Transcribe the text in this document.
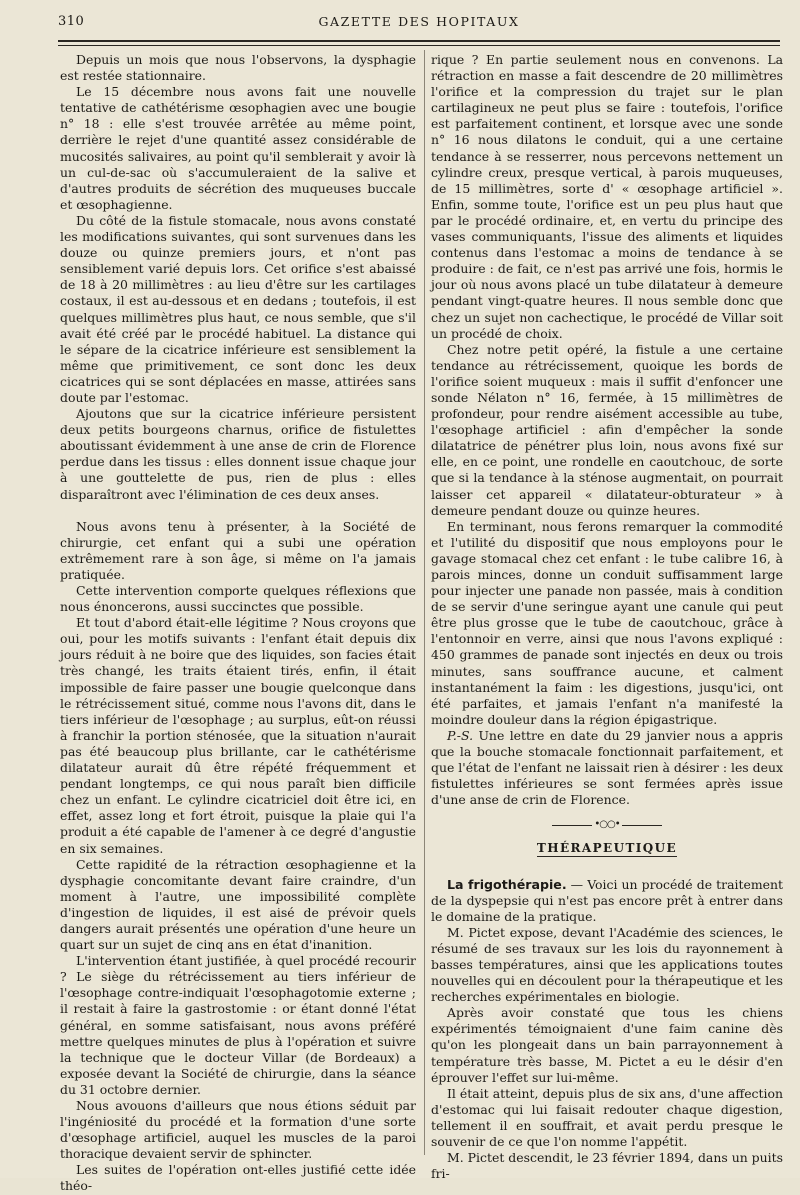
310	GAZETTE DES HOPITAUX

Depuis un mois que nous l'observons, la dysphagie est restée stationnaire.

Le 15 décembre nous avons fait une nouvelle tentative de cathétérisme œsophagien avec une bougie n° 18 : elle s'est trouvée arrêtée au même point, derrière le rejet d'une quantité assez considérable de mucosités salivaires, au point qu'il semblerait y avoir là un cul-de-sac où s'accumuleraient de la salive et d'autres produits de sécrétion des muqueuses buccale et œsophagienne.

Du côté de la fistule stomacale, nous avons constaté les modifications suivantes, qui sont survenues dans les douze ou quinze premiers jours, et n'ont pas sensiblement varié depuis lors. Cet orifice s'est abaissé de 18 à 20 millimètres : au lieu d'être sur les cartilages costaux, il est au-dessous et en dedans ; toutefois, il est quelques millimètres plus haut, ce nous semble, que s'il avait été créé par le procédé habituel. La distance qui le sépare de la cicatrice inférieure est sensiblement la même que primitivement, ce sont donc les deux cicatrices qui se sont déplacées en masse, attirées sans doute par l'estomac.

Ajoutons que sur la cicatrice inférieure persistent deux petits bourgeons charnus, orifice de fistulettes aboutissant évidemment à une anse de crin de Florence perdue dans les tissus : elles donnent issue chaque jour à une gouttelette de pus, rien de plus : elles disparaîtront avec l'élimination de ces deux anses.

Nous avons tenu à présenter, à la Société de chirurgie, cet enfant qui a subi une opération extrêmement rare à son âge, si même on l'a jamais pratiquée.

Cette intervention comporte quelques réflexions que nous énoncerons, aussi succinctes que possible.

Et tout d'abord était-elle légitime ? Nous croyons que oui, pour les motifs suivants : l'enfant était depuis dix jours réduit à ne boire que des liquides, son facies était très changé, les traits étaient tirés, enfin, il était impossible de faire passer une bougie quelconque dans le rétrécissement situé, comme nous l'avons dit, dans le tiers inférieur de l'œsophage ; au surplus, eût-on réussi à franchir la portion sténosée, que la situation n'aurait pas été beaucoup plus brillante, car le cathétérisme dilatateur aurait dû être répété fréquemment et pendant longtemps, ce qui nous paraît bien difficile chez un enfant. Le cylindre cicatriciel doit être ici, en effet, assez long et fort étroit, puisque la plaie qui l'a produit a été capable de l'amener à ce degré d'angustie en six semaines.

Cette rapidité de la rétraction œsophagienne et la dysphagie concomitante devant faire craindre, d'un moment à l'autre, une impossibilité complète d'ingestion de liquides, il est aisé de prévoir quels dangers aurait présentés une opération d'une heure un quart sur un sujet de cinq ans en état d'inanition.

L'intervention étant justifiée, à quel procédé recourir ? Le siège du rétrécissement au tiers inférieur de l'œsophage contre-indiquait l'œsophagotomie externe ; il restait à faire la gastrostomie : or étant donné l'état général, en somme satisfaisant, nous avons préféré mettre quelques minutes de plus à l'opération et suivre la technique que le docteur Villar (de Bordeaux) a exposée devant la Société de chirurgie, dans la séance du 31 octobre dernier.

Nous avouons d'ailleurs que nous étions séduit par l'ingéniosité du procédé et la formation d'une sorte d'œsophage artificiel, auquel les muscles de la paroi thoracique devaient servir de sphincter.

Les suites de l'opération ont-elles justifié cette idée théo-

rique ? En partie seulement nous en convenons. La rétraction en masse a fait descendre de 20 millimètres l'orifice et la compression du trajet sur le plan cartilagineux ne peut plus se faire : toutefois, l'orifice est parfaitement continent, et lorsque avec une sonde n° 16 nous dilatons le conduit, qui a une certaine tendance à se resserrer, nous percevons nettement un cylindre creux, presque vertical, à parois muqueuses, de 15 millimètres, sorte d' « œsophage artificiel ». Enfin, somme toute, l'orifice est un peu plus haut que par le procédé ordinaire, et, en vertu du principe des vases communiquants, l'issue des aliments et liquides contenus dans l'estomac a moins de tendance à se produire : de fait, ce n'est pas arrivé une fois, hormis le jour où nous avons placé un tube dilatateur à demeure pendant vingt-quatre heures. Il nous semble donc que chez un sujet non cachectique, le procédé de Villar soit un procédé de choix.

Chez notre petit opéré, la fistule a une certaine tendance au rétrécissement, quoique les bords de l'orifice soient muqueux : mais il suffit d'enfoncer une sonde Nélaton n° 16, fermée, à 15 millimètres de profondeur, pour rendre aisément accessible au tube, l'œsophage artificiel : afin d'empêcher la sonde dilatatrice de pénétrer plus loin, nous avons fixé sur elle, en ce point, une rondelle en caoutchouc, de sorte que si la tendance à la sténose augmentait, on pourrait laisser cet appareil « dilatateur-obturateur » à demeure pendant douze ou quinze heures.

En terminant, nous ferons remarquer la commodité et l'utilité du dispositif que nous employons pour le gavage stomacal chez cet enfant : le tube calibre 16, à parois minces, donne un conduit suffisamment large pour injecter une panade non passée, mais à condition de se servir d'une seringue ayant une canule qui peut être plus grosse que le tube de caoutchouc, grâce à l'entonnoir en verre, ainsi que nous l'avons expliqué : 450 grammes de panade sont injectés en deux ou trois minutes, sans souffrance aucune, et calment instantanément la faim : les digestions, jusqu'ici, ont été parfaites, et jamais l'enfant n'a manifesté la moindre douleur dans la région épigastrique.

P.-S. Une lettre en date du 29 janvier nous a appris que la bouche stomacale fonctionnait parfaitement, et que l'état de l'enfant ne laissait rien à désirer : les deux fistulettes inférieures se sont fermées après issue d'une anse de crin de Florence.

•○○•
THÉRAPEUTIQUE

La frigothérapie. — Voici un procédé de traitement de la dyspepsie qui n'est pas encore prêt à entrer dans le domaine de la pratique.

M. Pictet expose, devant l'Académie des sciences, le résumé de ses travaux sur les lois du rayonnement à basses températures, ainsi que les applications toutes nouvelles qui en découlent pour la thérapeutique et les recherches expérimentales en biologie.

Après avoir constaté que tous les chiens expérimentés témoignaient d'une faim canine dès qu'on les plongeait dans un bain parrayonnement à température très basse, M. Pictet a eu le désir d'en éprouver l'effet sur lui-même.

Il était atteint, depuis plus de six ans, d'une affection d'estomac qui lui faisait redouter chaque digestion, tellement il en souffrait, et avait perdu presque le souvenir de ce que l'on nomme l'appétit.

M. Pictet descendit, le 23 février 1894, dans un puits fri-
